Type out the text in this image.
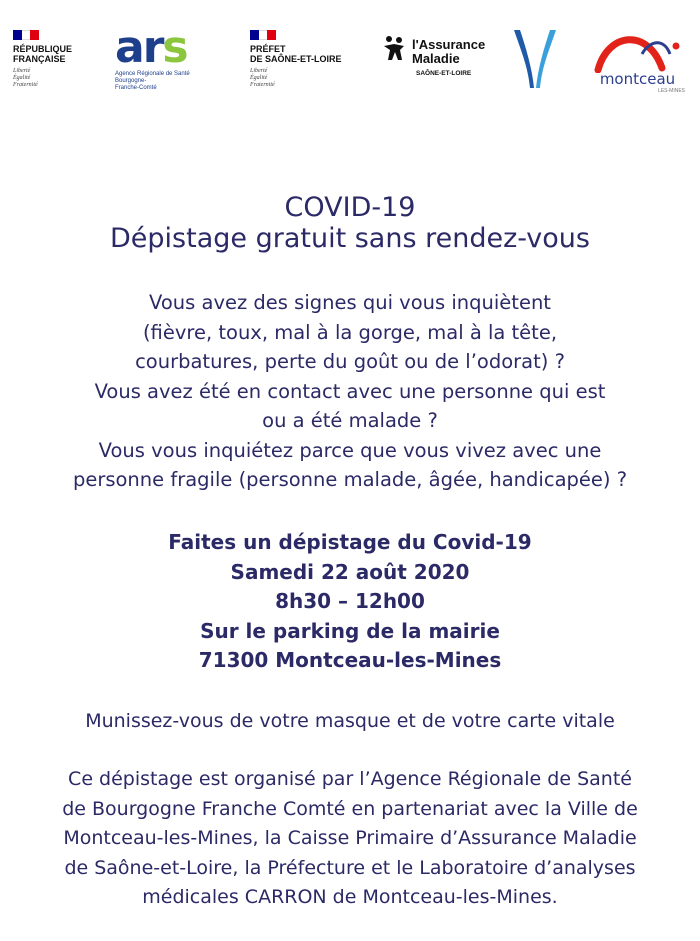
RÉPUBLIQUE
FRANÇAISE
Liberté
Égalité
Fraternité
ars
Agence Régionale de Santé
Bourgogne-
Franche-Comté
PRÉFET
DE SAÔNE-ET-LOIRE
Liberté
Égalité
Fraternité
l'Assurance
Maladie
SAÔNE-ET-LOIRE	montceau
LES-MINES
COVID-19
Dépistage gratuit sans rendez-vous
Vous avez des signes qui vous inquiètent
(fièvre, toux, mal à la gorge, mal à la tête,
courbatures, perte du goût ou de l’odorat) ?
Vous avez été en contact avec une personne qui est
ou a été malade ?
Vous vous inquiétez parce que vous vivez avec une
personne fragile (personne malade, âgée, handicapée) ?
Faites un dépistage du Covid-19
Samedi 22 août 2020
8h30 – 12h00
Sur le parking de la mairie
71300 Montceau-les-Mines
Munissez-vous de votre masque et de votre carte vitale
Ce dépistage est organisé par l’Agence Régionale de Santé
de Bourgogne Franche Comté en partenariat avec la Ville de
Montceau-les-Mines, la Caisse Primaire d’Assurance Maladie
de Saône-et-Loire, la Préfecture et le Laboratoire d’analyses
médicales CARRON de Montceau-les-Mines.
